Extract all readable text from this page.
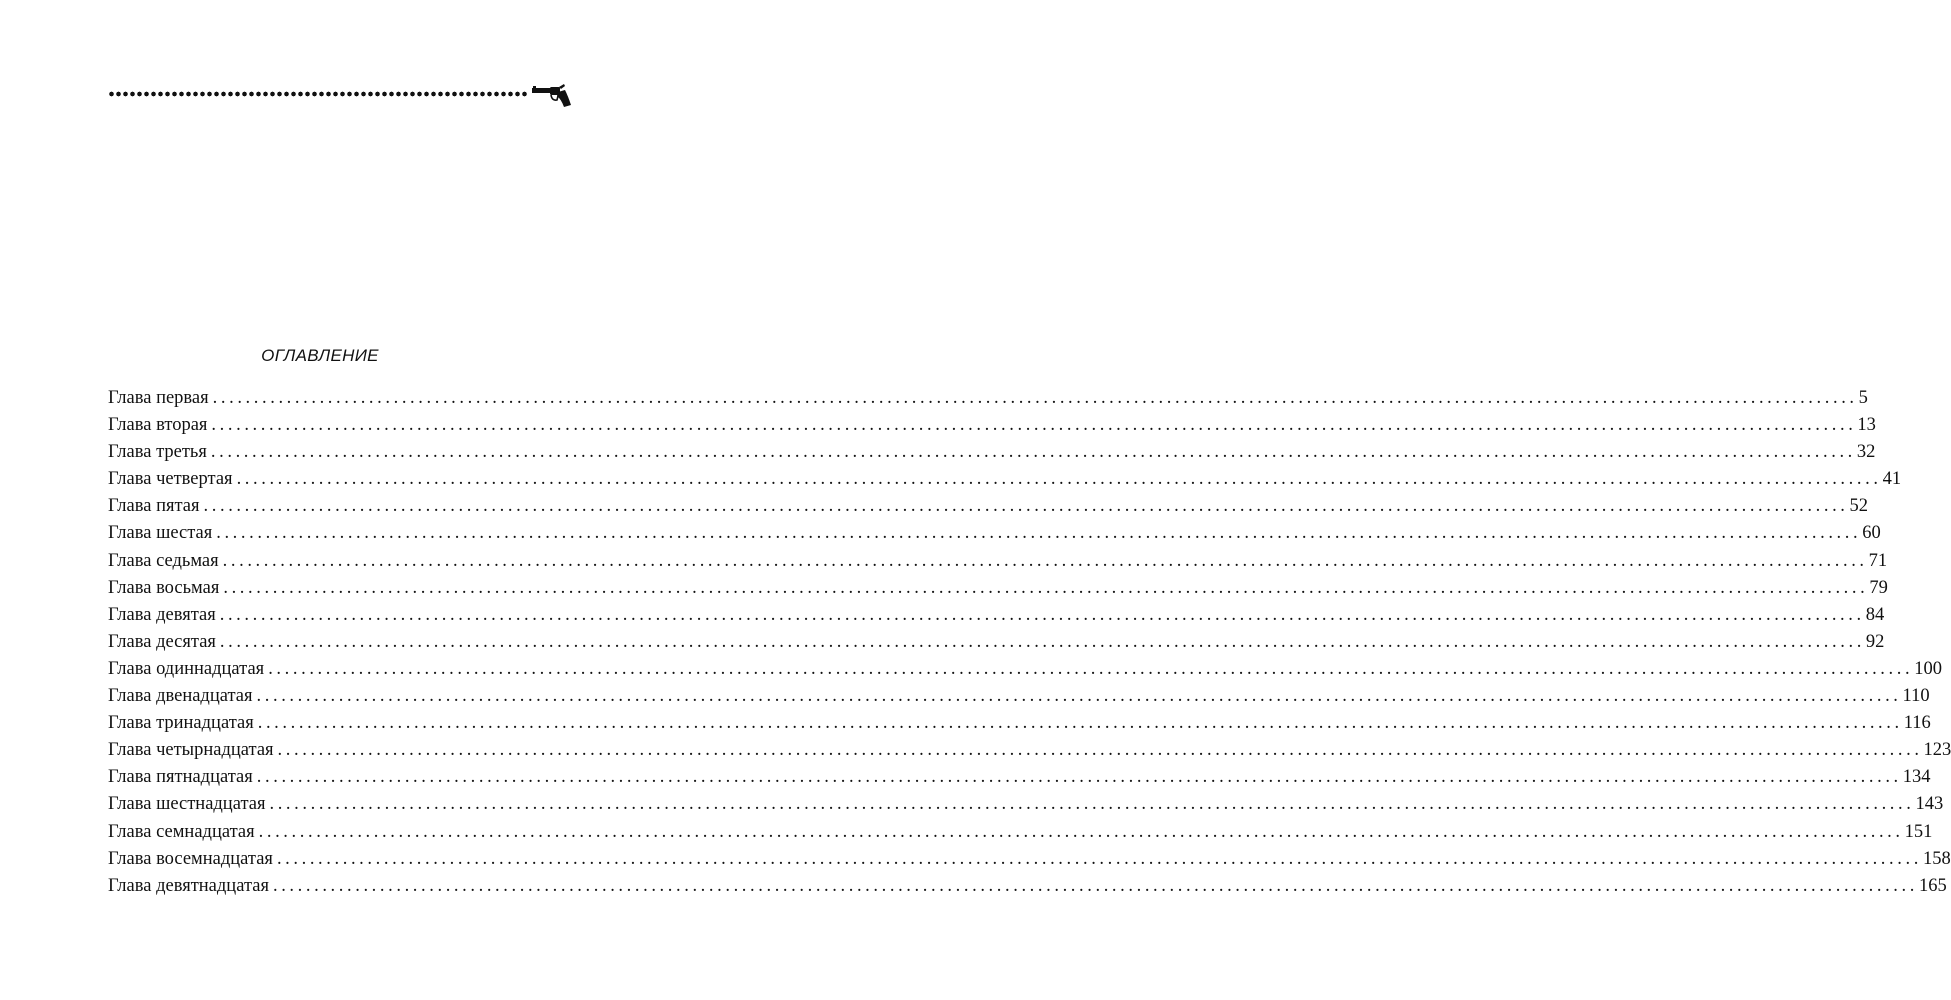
ОГЛАВЛЕНИЕ
Глава первая ........................................................................................................................................................................................................ 5
Глава вторая ........................................................................................................................................................................................................ 13
Глава третья ........................................................................................................................................................................................................ 32
Глава четвертая ........................................................................................................................................................................................................ 41
Глава пятая ........................................................................................................................................................................................................ 52
Глава шестая ........................................................................................................................................................................................................ 60
Глава седьмая ........................................................................................................................................................................................................ 71
Глава восьмая ........................................................................................................................................................................................................ 79
Глава девятая ........................................................................................................................................................................................................ 84
Глава десятая ........................................................................................................................................................................................................ 92
Глава одиннадцатая ........................................................................................................................................................................................................ 100
Глава двенадцатая ........................................................................................................................................................................................................ 110
Глава тринадцатая ........................................................................................................................................................................................................ 116
Глава четырнадцатая ........................................................................................................................................................................................................ 123
Глава пятнадцатая ........................................................................................................................................................................................................ 134
Глава шестнадцатая ........................................................................................................................................................................................................ 143
Глава семнадцатая ........................................................................................................................................................................................................ 151
Глава восемнадцатая ........................................................................................................................................................................................................ 158
Глава девятнадцатая ........................................................................................................................................................................................................ 165
